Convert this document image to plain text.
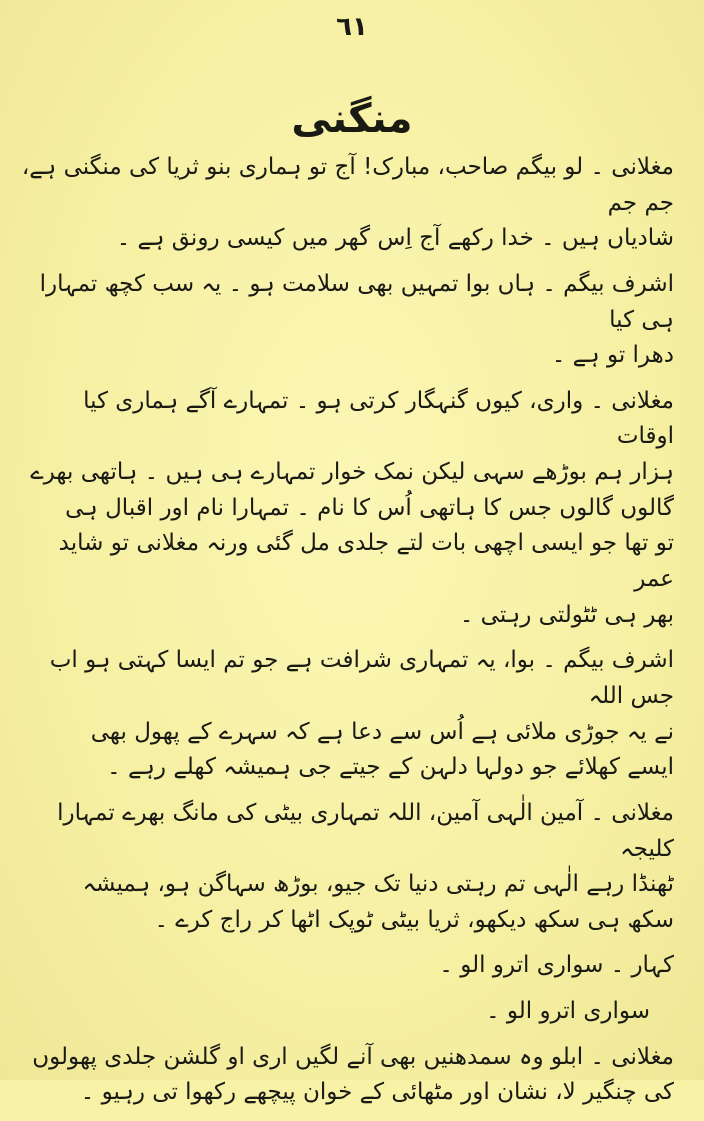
٦١
منگنی
مغلانی ۔ لو بیگم صاحب، مبارک! آج تو ہماری بنو ثریا کی منگنی ہے، جم جم
شادیاں ہیں ۔ خدا رکھے آج اِس گھر میں کیسی رونق ہے ۔
اشرف بیگم ۔ ہاں بوا تمہیں بھی سلامت ہو ۔ یہ سب کچھ تمہارا ہی کیا
دھرا تو ہے ۔
مغلانی ۔ واری، کیوں گنہگار کرتی ہو ۔ تمہارے آگے ہماری کیا اوقات
ہزار ہم بوڑھے سہی لیکن نمک خوار تمہارے ہی ہیں ۔ ہاتھی بھرے
گالوں گالوں جس کا ہاتھی اُس کا نام ۔ تمہارا نام اور اقبال ہی
تو تھا جو ایسی اچھی بات لتے جلدی مل گئی ورنہ مغلانی تو شاید عمر
بھر ہی ٹٹولتی رہتی ۔
اشرف بیگم ۔ بوا، یہ تمہاری شرافت ہے جو تم ایسا کہتی ہو اب جس اللہ
نے یہ جوڑی ملائی ہے اُس سے دعا ہے کہ سہرے کے پھول بھی
ایسے کھلائے جو دولہا دلہن کے جیتے جی ہمیشہ کھلے رہے ۔
مغلانی ۔ آمین الٰہی آمین، اللہ تمہاری بیٹی کی مانگ بھرے تمہارا کلیجہ
ٹھنڈا رہے الٰہی تم رہتی دنیا تک جیو، بوڑھ سہاگن ہو، ہمیشہ
سکھ ہی سکھ دیکھو، ثریا بیٹی ٹوپک اٹھا کر راج کرے ۔
کہار ۔ سواری اترو الو ۔
سواری اترو الو ۔
مغلانی ۔ ابلو وہ سمدھنیں بھی آنے لگیں اری او گلشن جلدی پھولوں
کی چنگیر لا، نشان اور مٹھائی کے خوان پیچھے رکھوا تی رہیو ۔
